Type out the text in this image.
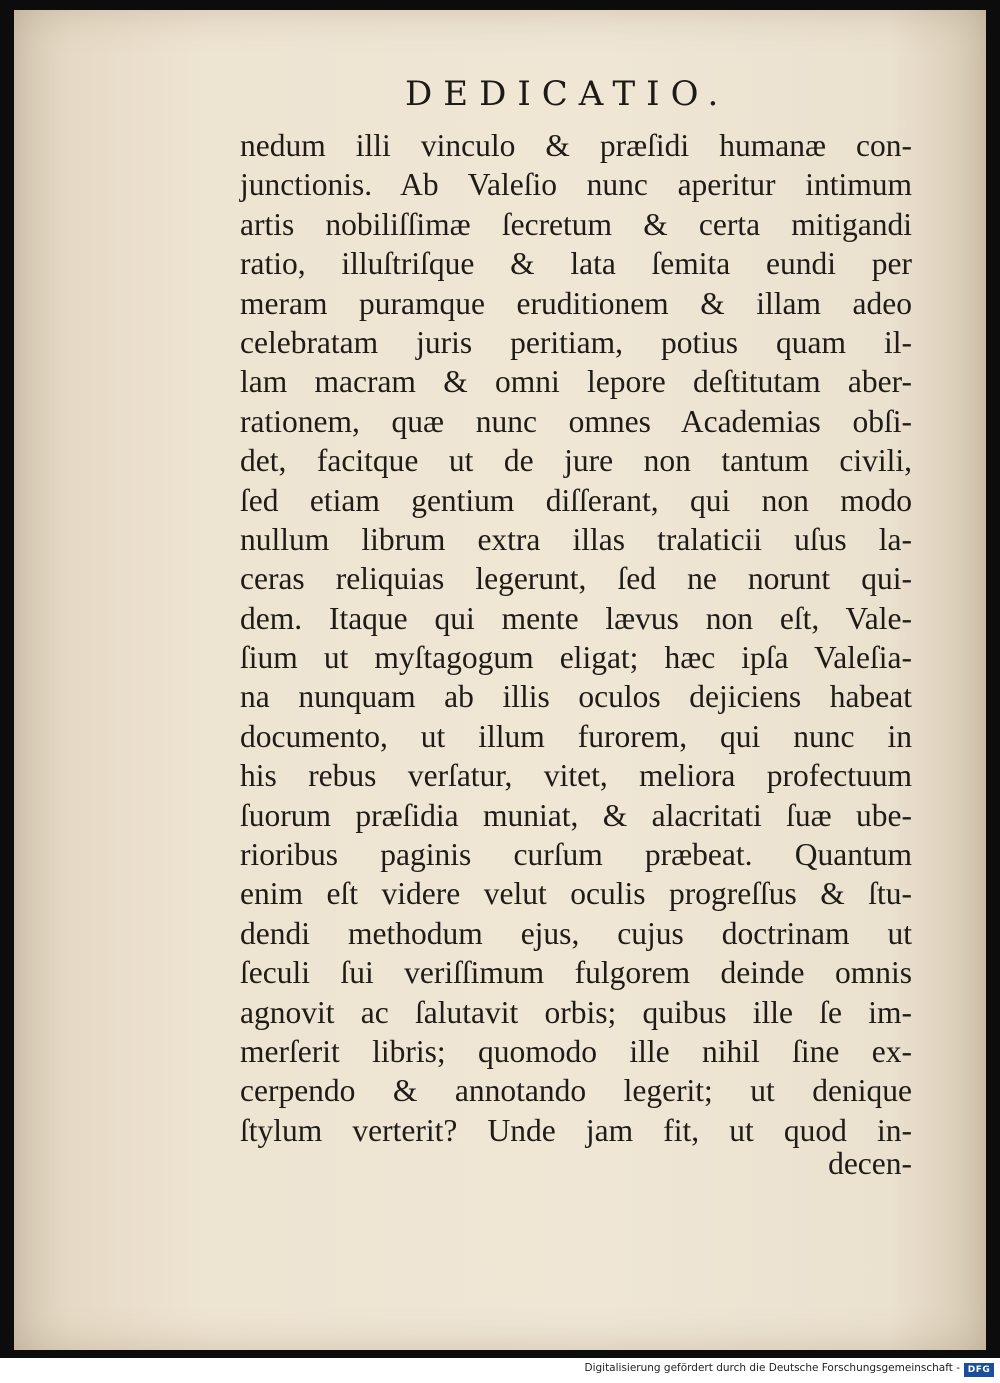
DEDICATIO.
nedum illi vinculo & præſidi humanæ con-
junctionis. Ab Valeſio nunc aperitur intimum
artis nobiliſſimæ ſecretum & certa mitigandi
ratio, illuſtriſque & lata ſemita eundi per
meram puramque eruditionem & illam adeo
celebratam juris peritiam, potius quam il-
lam macram & omni lepore deſtitutam aber-
rationem, quæ nunc omnes Academias obſi-
det, facitque ut de jure non tantum civili,
ſed etiam gentium diſſerant, qui non modo
nullum librum extra illas tralaticii uſus la-
ceras reliquias legerunt, ſed ne norunt qui-
dem. Itaque qui mente lævus non eſt, Vale-
ſium ut myſtagogum eligat; hæc ipſa Valeſia-
na nunquam ab illis oculos dejiciens habeat
documento, ut illum furorem, qui nunc in
his rebus verſatur, vitet, meliora profectuum
ſuorum præſidia muniat, & alacritati ſuæ ube-
rioribus paginis curſum præbeat. Quantum
enim eſt videre velut oculis progreſſus & ſtu-
dendi methodum ejus, cujus doctrinam ut
ſeculi ſui veriſſimum fulgorem deinde omnis
agnovit ac ſalutavit orbis; quibus ille ſe im-
merſerit libris; quomodo ille nihil ſine ex-
cerpendo & annotando legerit; ut denique
ſtylum verterit? Unde jam fit, ut quod in-
decen-
Digitalisierung gefördert durch die Deutsche Forschungsgemeinschaft - DFG
